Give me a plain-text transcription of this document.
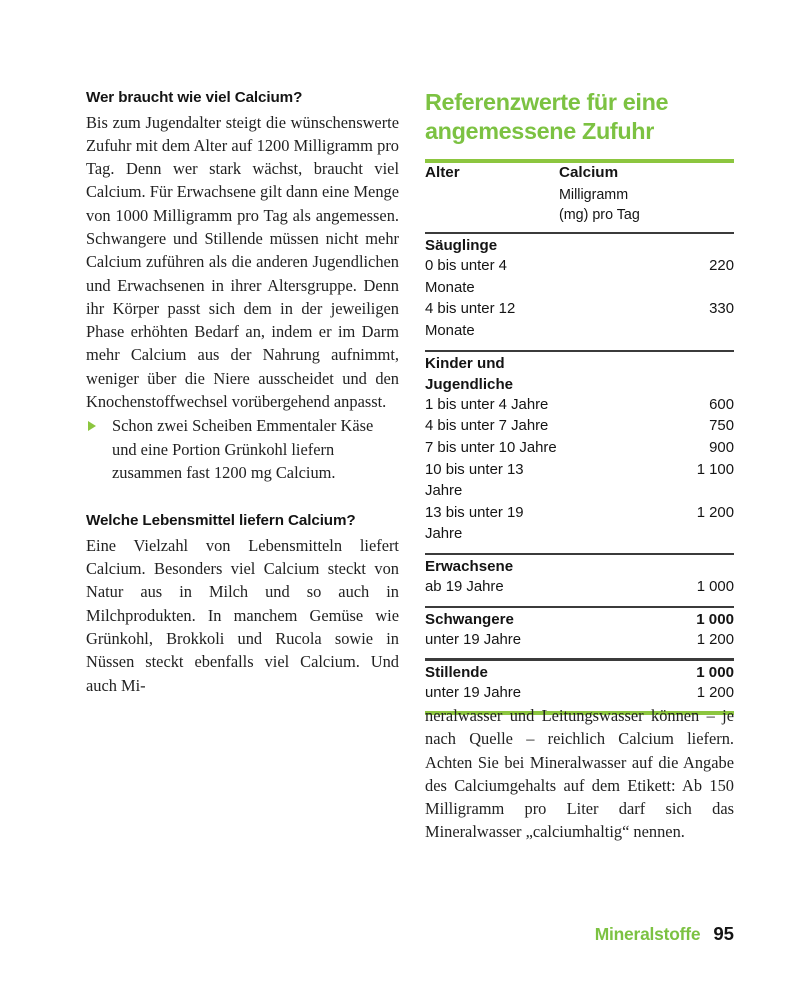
Wer braucht wie viel Calcium?

Bis zum Jugendalter steigt die wünschenswerte Zufuhr mit dem Alter auf 1200 Milligramm pro Tag. Denn wer stark wächst, braucht viel Calcium. Für Erwachsene gilt dann eine Menge von 1000 Milligramm pro Tag als angemessen. Schwangere und Stillende müssen nicht mehr Calcium zuführen als die anderen Jugendlichen und Erwachsenen in ihrer Altersgruppe. Denn ihr Körper passt sich dem in der jeweiligen Phase erhöhten Bedarf an, indem er im Darm mehr Calcium aus der Nahrung aufnimmt, weniger über die Niere ausscheidet und den Knochenstoffwechsel vorübergehend anpasst.

Schon zwei Scheiben Emmentaler Käse und eine Portion Grünkohl liefern zusammen fast 1200 mg Calcium.

Welche Lebensmittel liefern Calcium?

Eine Vielzahl von Lebensmitteln liefert Calcium. Besonders viel Calcium steckt von Natur aus in Milch und so auch in Milchprodukten. In manchem Gemüse wie Grünkohl, Brokkoli und Rucola sowie in Nüssen steckt ebenfalls viel Calcium. Und auch Mi-

Referenzwerte für eine angemessene Zufuhr
Alter	Calcium
Milligramm
(mg) pro Tag

Säuglinge	
0 bis unter 4 Monate	220
4 bis unter 12 Monate	330

Kinder und Jugendliche	
1 bis unter 4 Jahre	600
4 bis unter 7 Jahre	750
7 bis unter 10 Jahre	900
10 bis unter 13 Jahre	1 100
13 bis unter 19 Jahre	1 200

Erwachsene	
ab 19 Jahre	1 000

Schwangere	1 000
unter 19 Jahre	1 200

Stillende	1 000
unter 19 Jahre	1 200

neralwasser und Leitungswasser können – je nach Quelle – reichlich Calcium liefern. Achten Sie bei Mineralwasser auf die Angabe des Calciumgehalts auf dem Etikett: Ab 150 Milligramm pro Liter darf sich das Mineralwasser „calciumhaltig“ nennen.

Mineralstoffe 95
